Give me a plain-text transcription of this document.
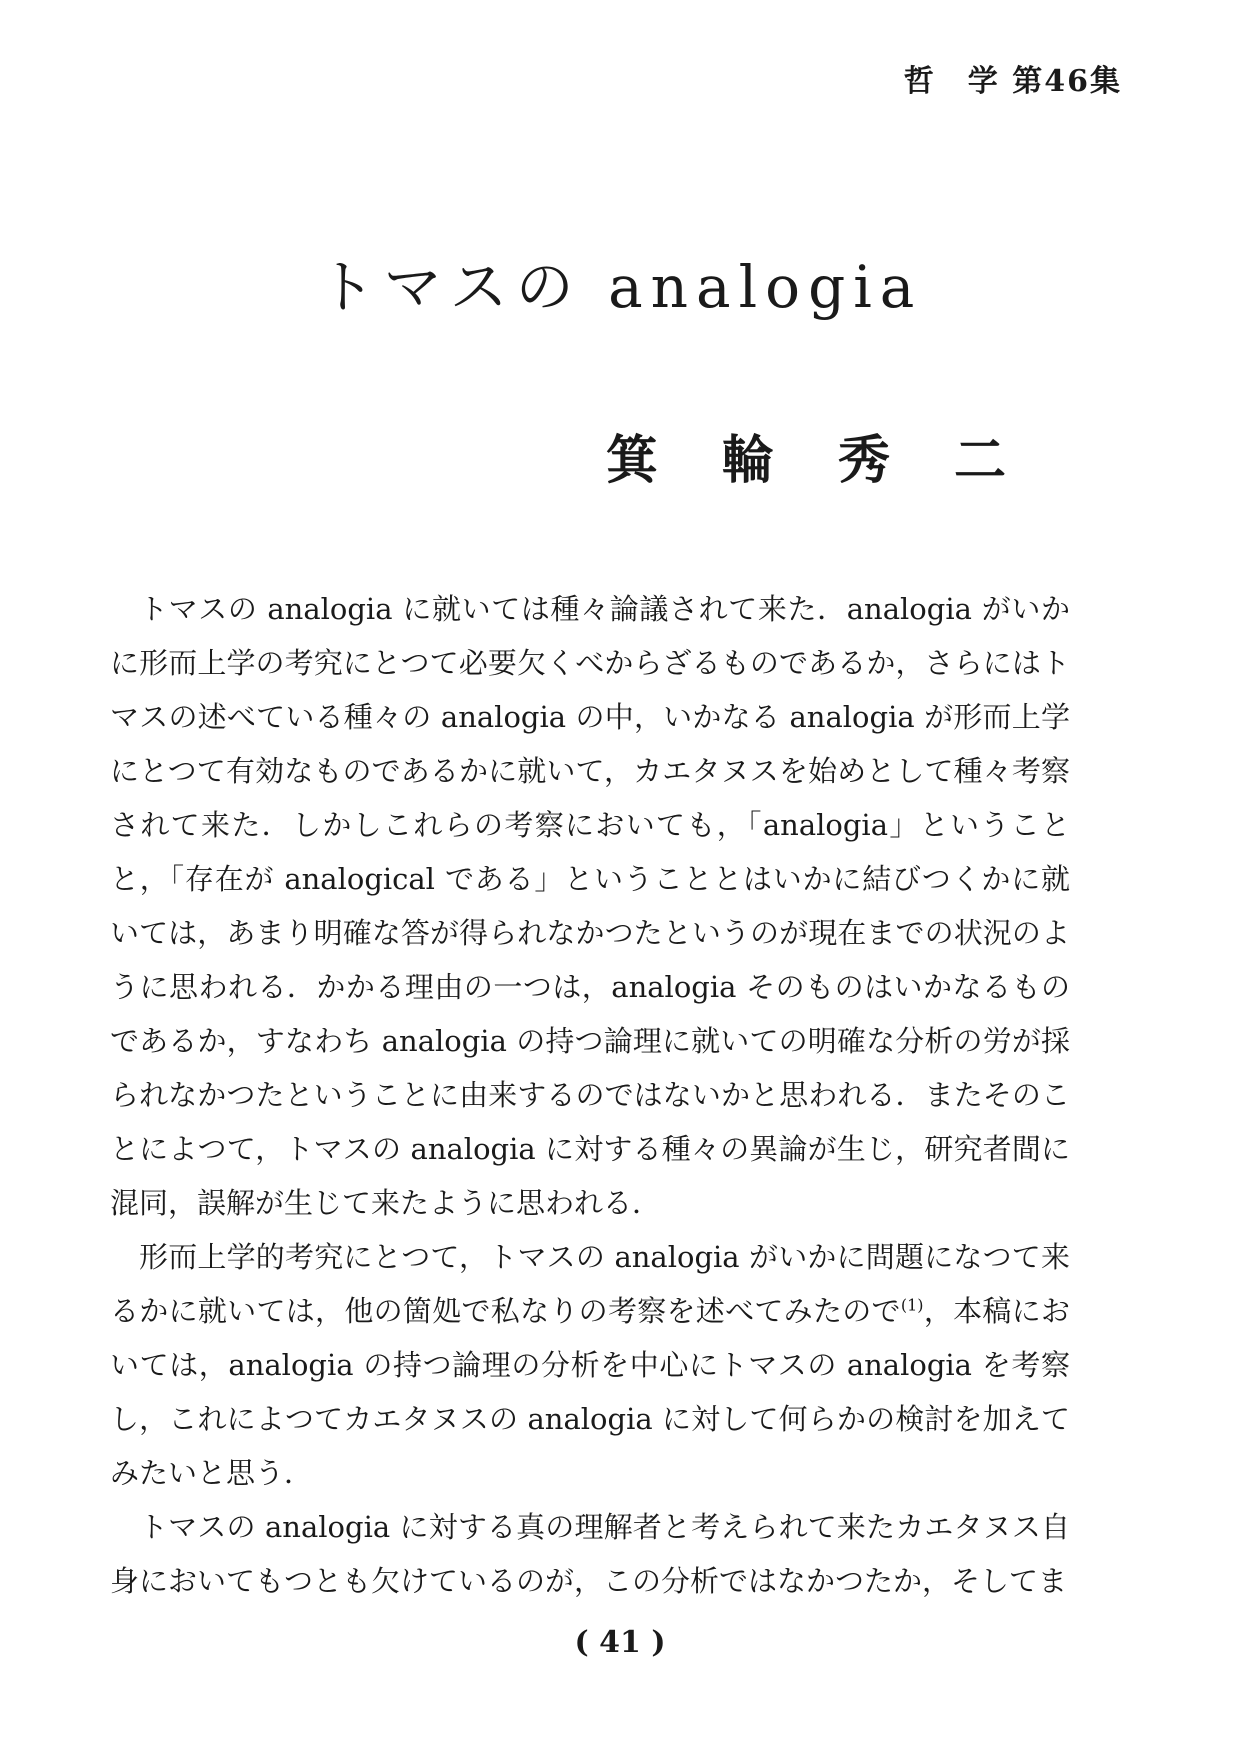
哲　学 第46集
トマスの analogia
箕輪秀二

トマスの analogia に就いては種々論議されて来た．analogia がいかに形而上学の考究にとつて必要欠くべからざるものであるか，さらにはトマスの述べている種々の analogia の中，いかなる analogia が形而上学にとつて有効なものであるかに就いて，カエタヌスを始めとして種々考察されて来た．しかしこれらの考察においても，「analogia」ということと，「存在が analogical である」ということとはいかに結びつくかに就いては，あまり明確な答が得られなかつたというのが現在までの状況のように思われる．かかる理由の一つは，analogia そのものはいかなるものであるか，すなわち analogia の持つ論理に就いての明確な分析の労が採られなかつたということに由来するのではないかと思われる．またそのことによつて，トマスの analogia に対する種々の異論が生じ，研究者間に混同，誤解が生じて来たように思われる．

形而上学的考究にとつて，トマスの analogia がいかに問題になつて来るかに就いては，他の箇処で私なりの考察を述べてみたので$^{(1)}$，本稿においては，analogia の持つ論理の分析を中心にトマスの analogia を考察し，これによつてカエタヌスの analogia に対して何らかの検討を加えてみたいと思う．

トマスの analogia に対する真の理解者と考えられて来たカエタヌス自身においてもつとも欠けているのが，この分析ではなかつたか，そしてま

( 41 )
